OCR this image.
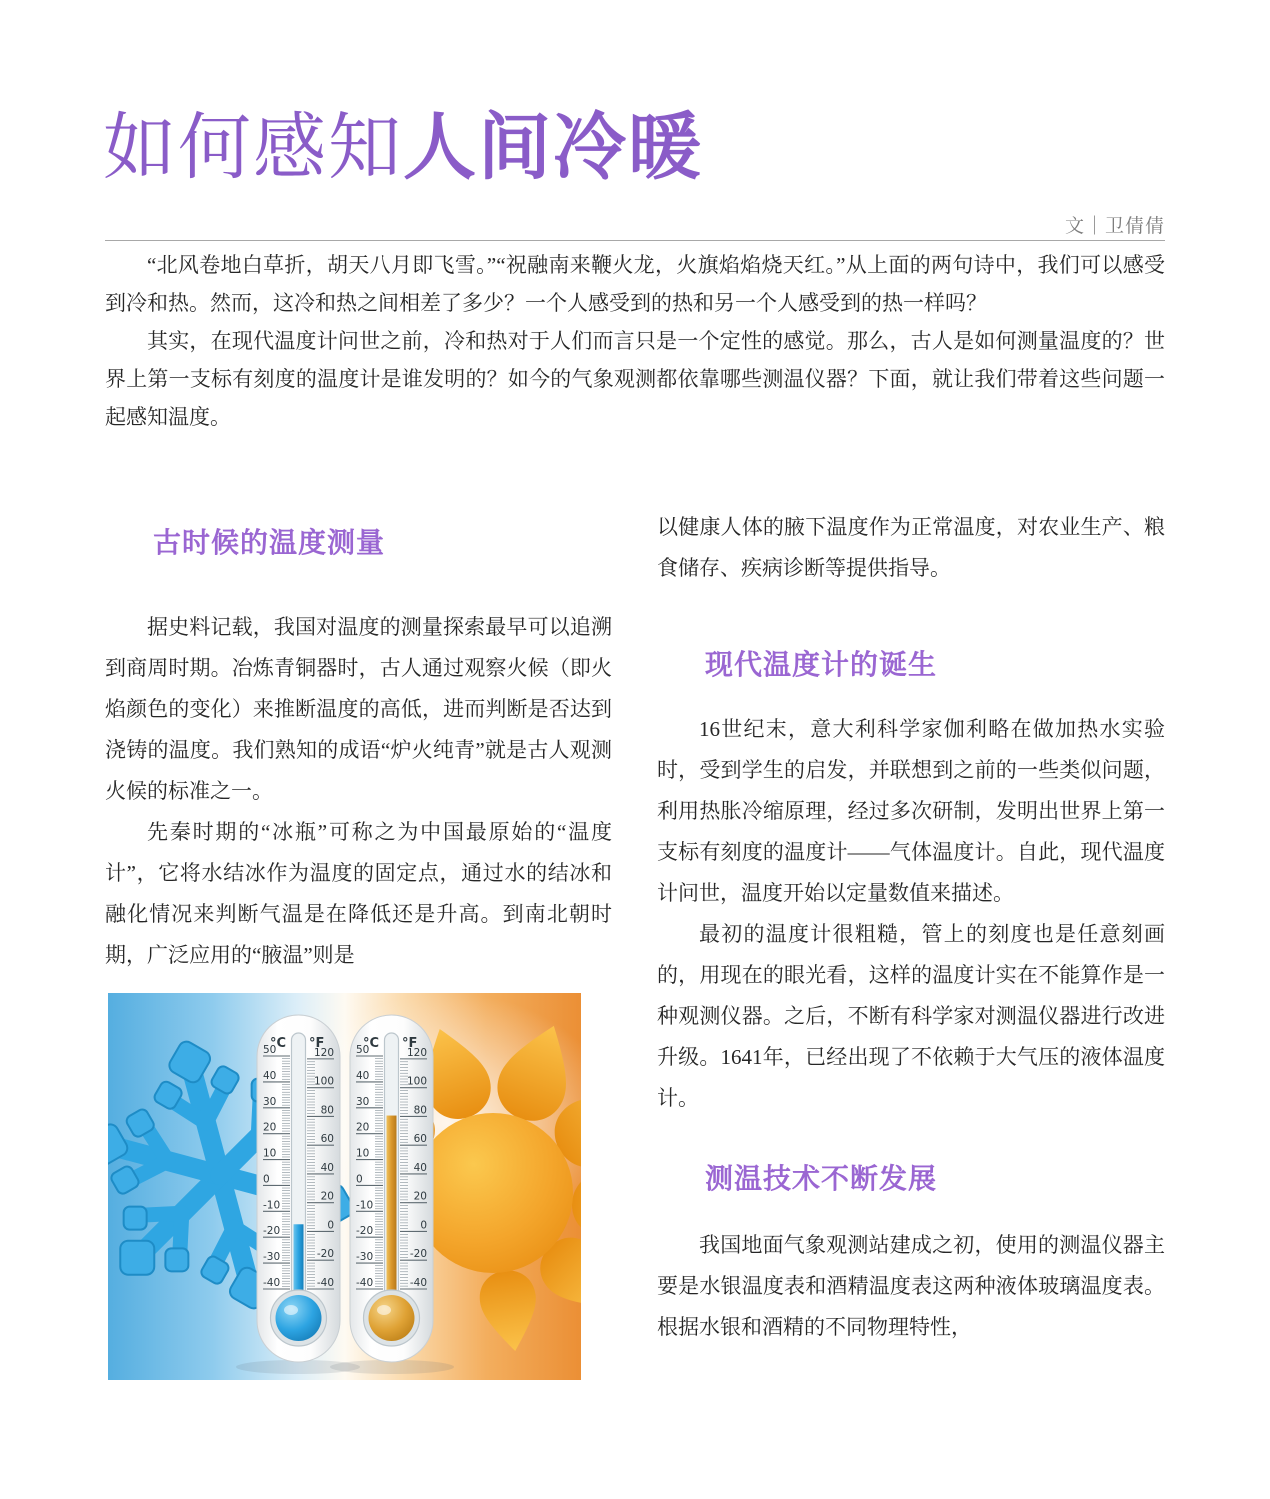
如何感知人间冷暖
文｜卫倩倩

“北风卷地白草折，胡天八月即飞雪。”“祝融南来鞭火龙，火旗焰焰烧天红。”从上面的两句诗中，我们可以感受到冷和热。然而，这冷和热之间相差了多少？一个人感受到的热和另一个人感受到的热一样吗？

其实，在现代温度计问世之前，冷和热对于人们而言只是一个定性的感觉。那么，古人是如何测量温度的？世界上第一支标有刻度的温度计是谁发明的？如今的气象观测都依靠哪些测温仪器？下面，就让我们带着这些问题一起感知温度。

古时候的温度测量

据史料记载，我国对温度的测量探索最早可以追溯到商周时期。冶炼青铜器时，古人通过观察火候（即火焰颜色的变化）来推断温度的高低，进而判断是否达到浇铸的温度。我们熟知的成语“炉火纯青”就是古人观测火候的标准之一。

先秦时期的“冰瓶”可称之为中国最原始的“温度计”，它将水结冰作为温度的固定点，通过水的结冰和融化情况来判断气温是在降低还是升高。到南北朝时期，广泛应用的“腋温”则是

°C °F
50
40
30
20
10
0
-10
-20
-30
-40
120
100
80
60
40
20
0
-20
-40
°C °F
50
40
30
20
10
0
-10
-20
-30
-40
120
100
80
60
40
20
0
-20
-40

以健康人体的腋下温度作为正常温度，对农业生产、粮食储存、疾病诊断等提供指导。

现代温度计的诞生

16世纪末，意大利科学家伽利略在做加热水实验时，受到学生的启发，并联想到之前的一些类似问题，利用热胀冷缩原理，经过多次研制，发明出世界上第一支标有刻度的温度计——气体温度计。自此，现代温度计问世，温度开始以定量数值来描述。

最初的温度计很粗糙，管上的刻度也是任意刻画的，用现在的眼光看，这样的温度计实在不能算作是一种观测仪器。之后，不断有科学家对测温仪器进行改进升级。1641年，已经出现了不依赖于大气压的液体温度计。

测温技术不断发展

我国地面气象观测站建成之初，使用的测温仪器主要是水银温度表和酒精温度表这两种液体玻璃温度表。根据水银和酒精的不同物理特性，
